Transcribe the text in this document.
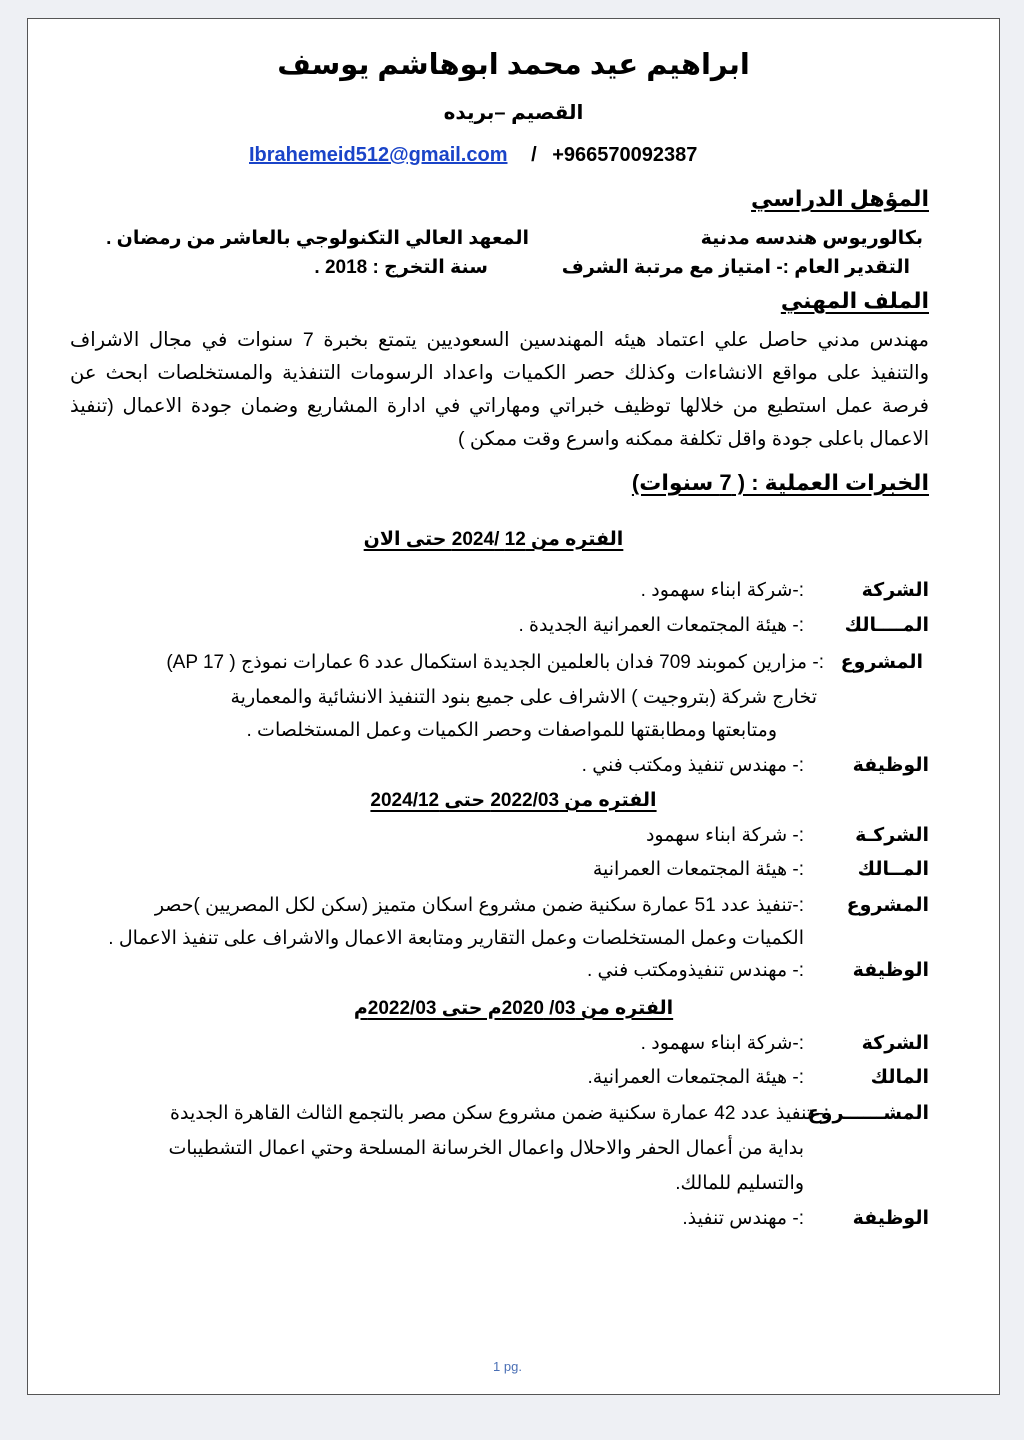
ابراهيم عيد محمد ابوهاشم يوسف
القصيم –بريده
Ibrahemeid512@gmail.com / +966570092387
المؤهل الدراسي
بكالوريوس هندسه مدنية
المعهد العالي التكنولوجي بالعاشر من رمضان .
التقدير العام :- امتياز مع مرتبة الشرف
سنة التخرج : 2018 .
الملف المهني
مهندس مدني حاصل علي اعتماد هيئه المهندسين السعوديين يتمتع بخبرة 7 سنوات في مجال الاشراف
والتنفيذ على مواقع الانشاءات وكذلك حصر الكميات واعداد الرسومات التنفذية والمستخلصات ابحث عن
فرصة عمل استطيع من خلالها توظيف خبراتي ومهاراتي في ادارة المشاريع وضمان جودة الاعمال (تنفيذ
الاعمال باعلى جودة واقل تكلفة ممكنه واسرع وقت ممكن )
الخبرات العملية : ( 7 سنوات)
الفتره من 12 /2024 حتى الان
الشركة
:-شركة ابناء سهمود .
المــــالك
:- هيئة المجتمعات العمرانية الجديدة .
المشروع
:- مزارين كموبند 709 فدان بالعلمين الجديدة استكمال عدد 6 عمارات نموذج ( AP 17)
تخارج شركة (بتروجيت ) الاشراف على جميع بنود التنفيذ الانشائية والمعمارية
ومتابعتها ومطابقتها للمواصفات وحصر الكميات وعمل المستخلصات .
الوظيفة
:- مهندس تنفيذ ومكتب فني .
الفتره من 2022/03 حتى 2024/12
الشركـة
:- شركة ابناء سهمود
المــالك
:- هيئة المجتمعات العمرانية
المشروع
:-تنفيذ عدد 51 عمارة سكنية ضمن مشروع اسكان متميز (سكن لكل المصريين )حصر
الكميات وعمل المستخلصات وعمل التقارير ومتابعة الاعمال والاشراف على تنفيذ الاعمال .
الوظيفة
:- مهندس تنفيذومكتب فني .
الفتره من 03/ 2020م حتى 2022/03م
الشركة
:-شركة ابناء سهمود .
المالك
:- هيئة المجتمعات العمرانية.
المشــــــروع
:- تنفيذ عدد 42 عمارة سكنية ضمن مشروع سكن مصر بالتجمع الثالث القاهرة الجديدة
بداية من أعمال الحفر والاحلال واعمال الخرسانة المسلحة وحتي اعمال التشطيبات
والتسليم للمالك.
الوظيفة
:- مهندس تنفيذ.
1 pg.
